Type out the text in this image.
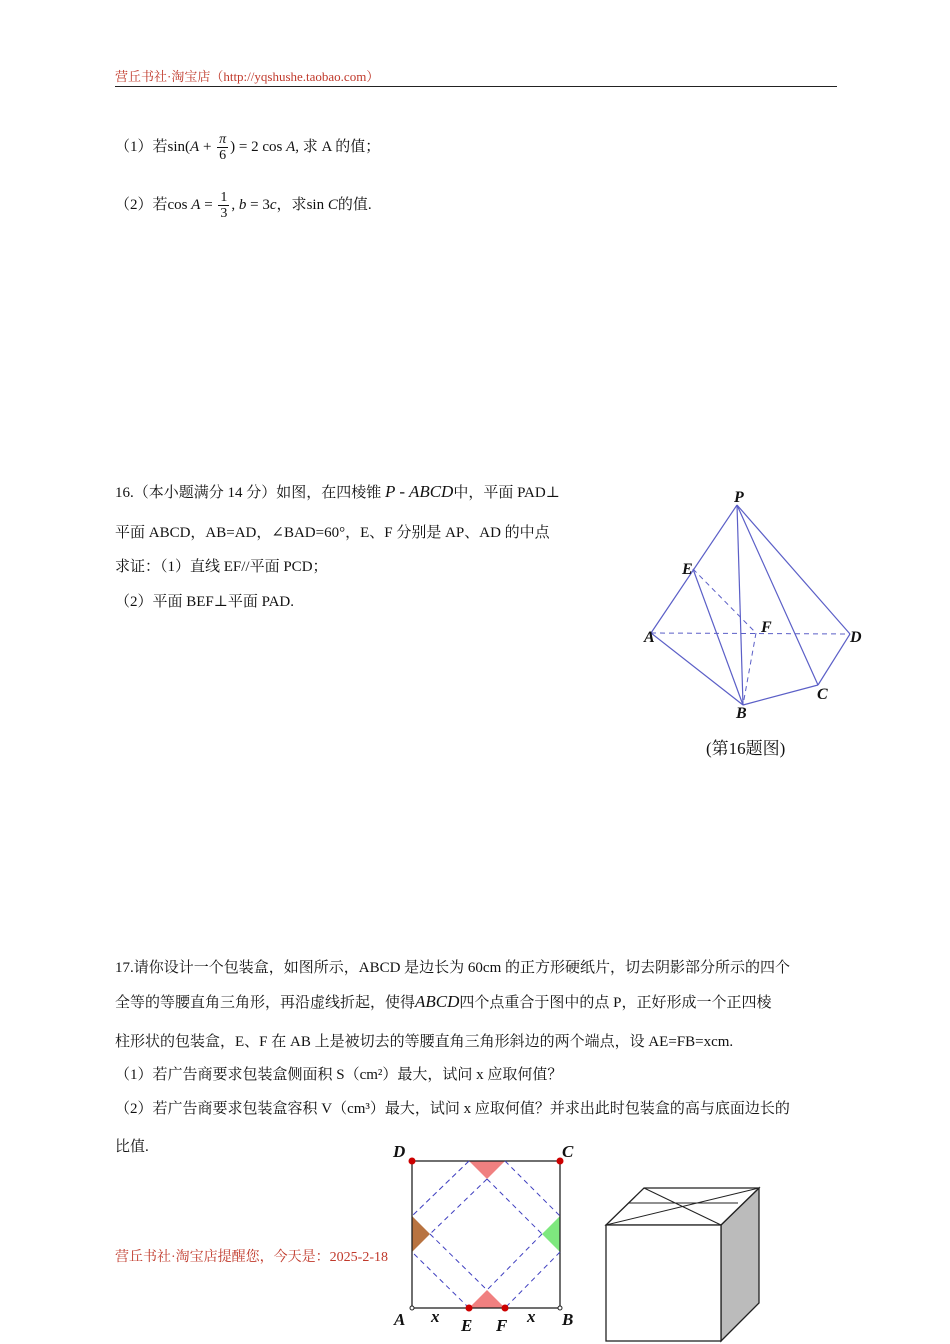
营丘书社·淘宝店（http://yqshushe.taobao.com）
（1）若$\sin(A + \frac{\pi}{6}$ ) = 2 cos A, 求 A 的值；
（2）若$\cos A = \frac{1}{3}$ , b = 3c，求sin C的值.
16.（本小题满分 14 分）如图，在四棱锥 P - ABCD中，平面 PAD⊥
平面 ABCD，AB=AD，∠BAD=60°，E、F 分别是 AP、AD 的中点
求证：（1）直线 EF//平面 PCD；
（2）平面 BEF⊥平面 PAD.
P
E
F
A	D
B
C
(第16题图)
17.请你设计一个包装盒，如图所示，ABCD 是边长为 60cm 的正方形硬纸片，切去阴影部分所示的四个
全等的等腰直角三角形，再沿虚线折起，使得ABCD四个点重合于图中的点 P，正好形成一个正四棱
柱形状的包装盒，E、F 在 AB 上是被切去的等腰直角三角形斜边的两个端点，设 AE=FB=xcm.
（1）若广告商要求包装盒侧面积 S（cm²）最大，试问 x 应取何值？
（2）若广告商要求包装盒容积 V（cm³）最大，试问 x 应取何值？并求出此时包装盒的高与底面边长的
比值.	D	C
A	B
E F
x	x
营丘书社·淘宝店提醒您，今天是：2025-2-18
